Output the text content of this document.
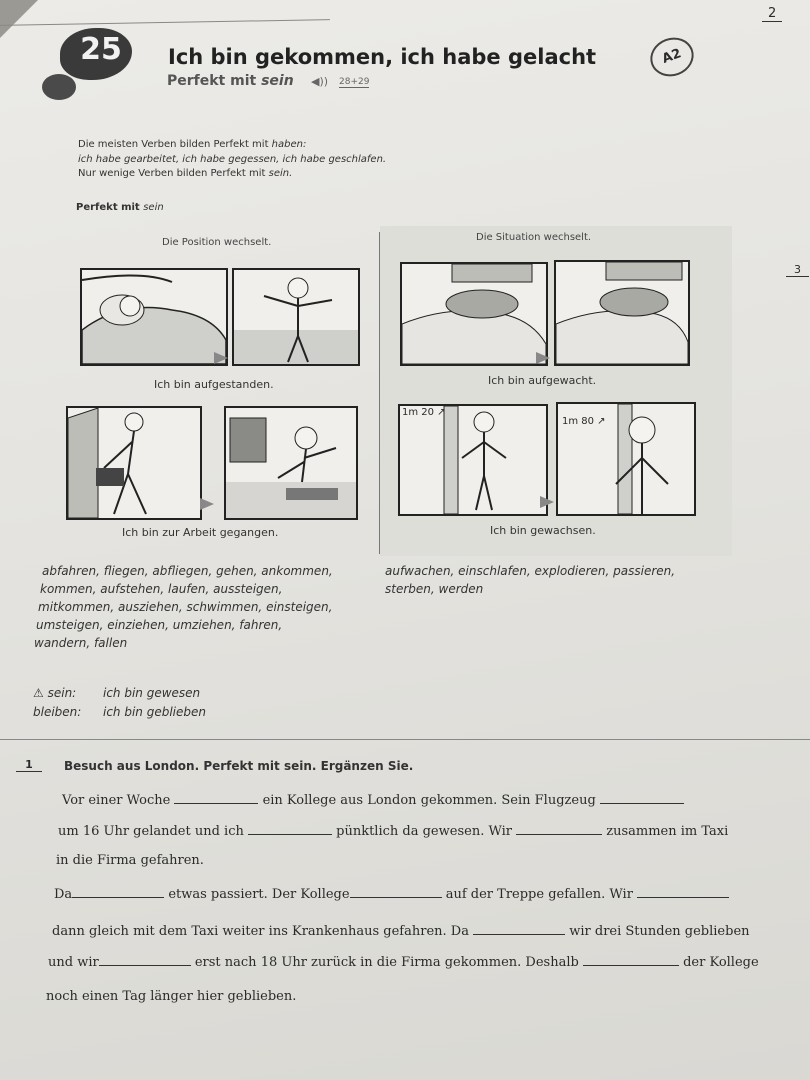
2
3
25	Ich bin gekommen, ich habe gelacht
Perfekt mit sein ◀)) 28+29
A2
Die meisten Verben bilden Perfekt mit haben:
ich habe gearbeitet, ich habe gegessen, ich habe geschlafen.
Nur wenige Verben bilden Perfekt mit sein.
Perfekt mit sein
Die Position wechselt.	Die Situation wechselt.
Ich bin aufgestanden.	Ich bin aufgewacht.
Ich bin zur Arbeit gegangen.
1m 20 ↗
1m 80 ↗
Ich bin gewachsen.
abfahren, fliegen, abfliegen, gehen, ankommen,
kommen, aufstehen, laufen, aussteigen,
mitkommen, ausziehen, schwimmen, einsteigen,
umsteigen, einziehen, umziehen, fahren,
wandern, fallen
aufwachen, einschlafen, explodieren, passieren,
sterben, werden
⚠ sein:	ich bin gewesen
bleiben:	ich bin geblieben
1	Besuch aus London. Perfekt mit sein. Ergänzen Sie.
Vor einer Woche	ein Kollege aus London gekommen. Sein Flugzeug
um 16 Uhr gelandet und ich	pünktlich da gewesen. Wir	zusammen im Taxi
in die Firma gefahren.
Da	etwas passiert. Der Kollege	auf der Treppe gefallen. Wir
dann gleich mit dem Taxi weiter ins Krankenhaus gefahren. Da	wir drei Stunden geblieben
und wir	erst nach 18 Uhr zurück in die Firma gekommen. Deshalb	der Kollege
noch einen Tag länger hier geblieben.
